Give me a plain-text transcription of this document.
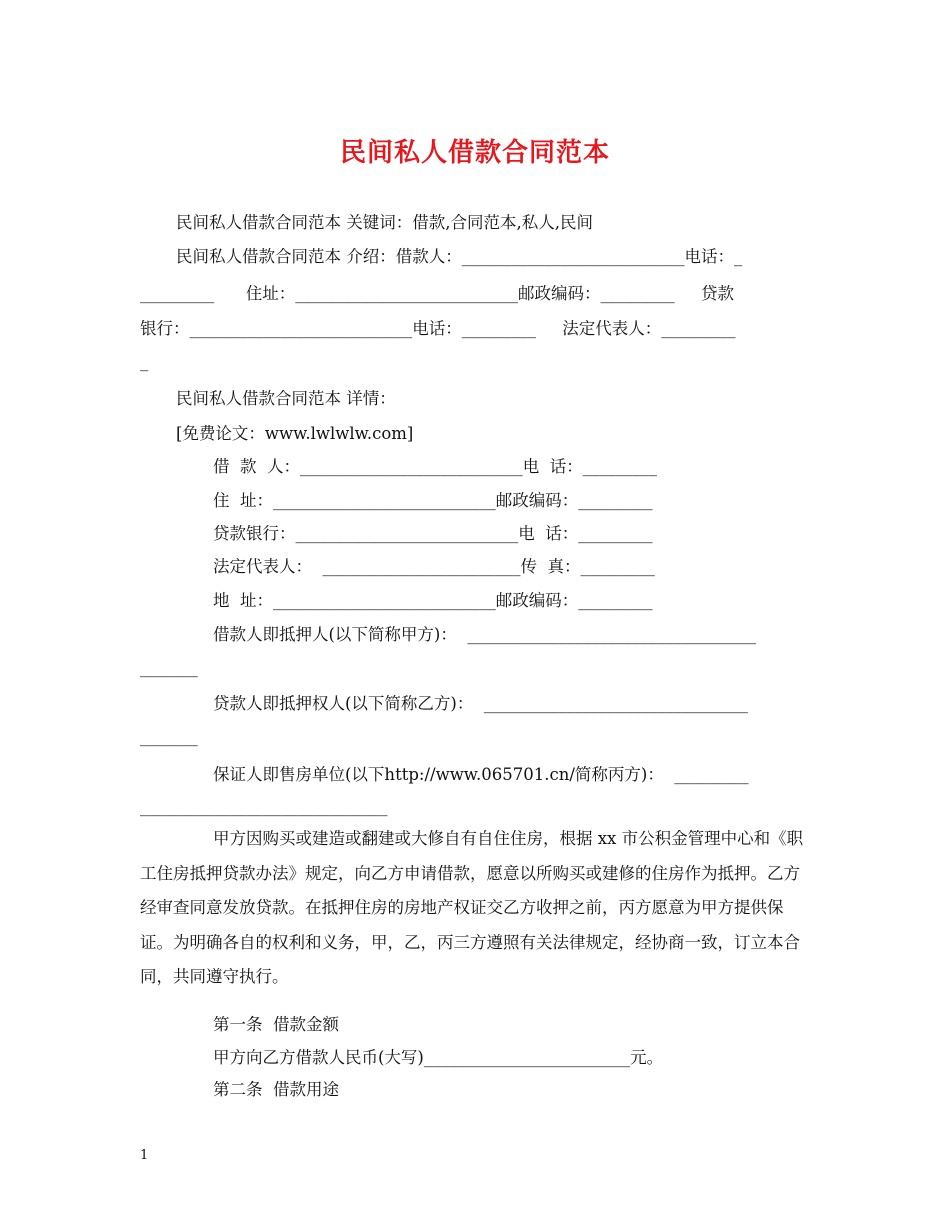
民间私人借款合同范本
民间私人借款合同范本 关键词：借款,合同范本,私人,民间
民间私人借款合同范本 介绍：借款人：___________________________电话：_
_________      住址：___________________________邮政编码：_________     贷款
银行：___________________________电话：_________     法定代表人：_________
_
民间私人借款合同范本 详情：
[免费论文：www.lwlwlw.com]
借  款  人：___________________________电  话：_________
住  址：___________________________邮政编码：_________
贷款银行：___________________________电  话：_________
法定代表人：  ________________________传  真：_________
地  址：___________________________邮政编码：_________
借款人即抵押人(以下简称甲方)：  ___________________________________
_______
贷款人即抵押权人(以下简称乙方)：  ________________________________
_______
保证人即售房单位(以下http://www.065701.cn/简称丙方)：  _________
______________________________
甲方因购买或建造或翻建或大修自有自住住房，根据 xx 市公积金管理中心和《职工住房抵押贷款办法》规定，向乙方申请借款，愿意以所购买或建修的住房作为抵押。乙方经审查同意发放贷款。在抵押住房的房地产权证交乙方收押之前，丙方愿意为甲方提供保证。为明确各自的权利和义务，甲，乙，丙三方遵照有关法律规定，经协商一致，订立本合同，共同遵守执行。
第一条  借款金额
甲方向乙方借款人民币(大写)_________________________元。
第二条  借款用途
1
